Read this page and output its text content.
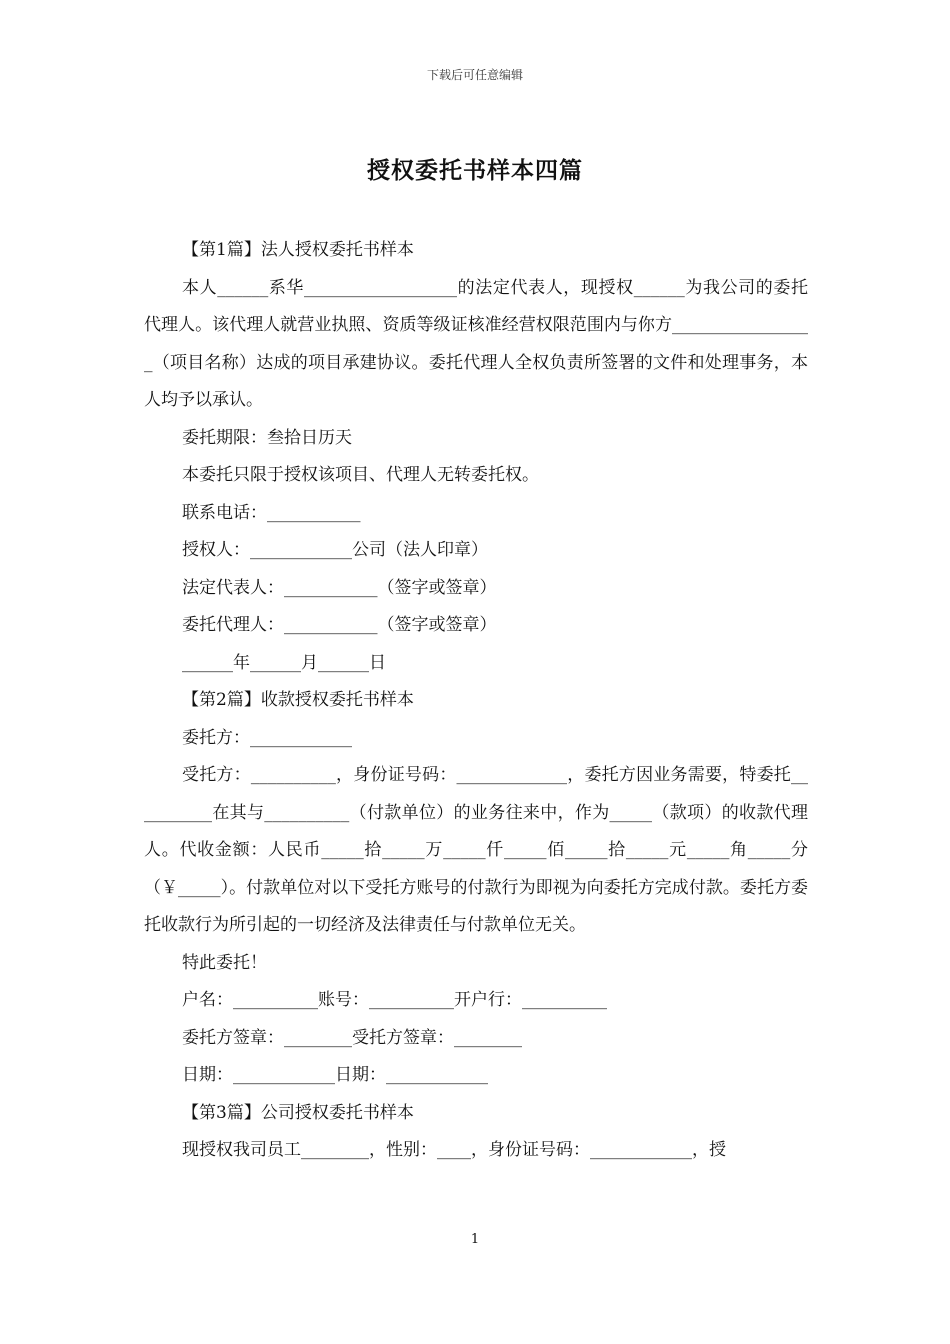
下载后可任意编辑
授权委托书样本四篇

【第1篇】法人授权委托书样本

本人______系华__________________的法定代表人，现授权______为我公司的委托代理人。该代理人就营业执照、资质等级证核准经营权限范围内与你方_________________（项目名称）达成的项目承建协议。委托代理人全权负责所签署的文件和处理事务，本人均予以承认。

委托期限：叁拾日历天

本委托只限于授权该项目、代理人无转委托权。

联系电话：___________

授权人：____________公司（法人印章）

法定代表人：___________（签字或签章）

委托代理人：___________（签字或签章）

______年______月______日

【第2篇】收款授权委托书样本

委托方：____________

受托方：__________，身份证号码：_____________，委托方因业务需要，特委托__________在其与__________（付款单位）的业务往来中，作为_____（款项）的收款代理人。代收金额：人民币_____拾_____万_____仟_____佰_____拾_____元_____角_____分（￥_____）。付款单位对以下受托方账号的付款行为即视为向委托方完成付款。委托方委托收款行为所引起的一切经济及法律责任与付款单位无关。

特此委托！

户名：__________账号：__________开户行：__________

委托方签章：________受托方签章：________

日期：____________日期：____________

【第3篇】公司授权委托书样本

现授权我司员工________，性别：____，身份证号码：____________，授

1
